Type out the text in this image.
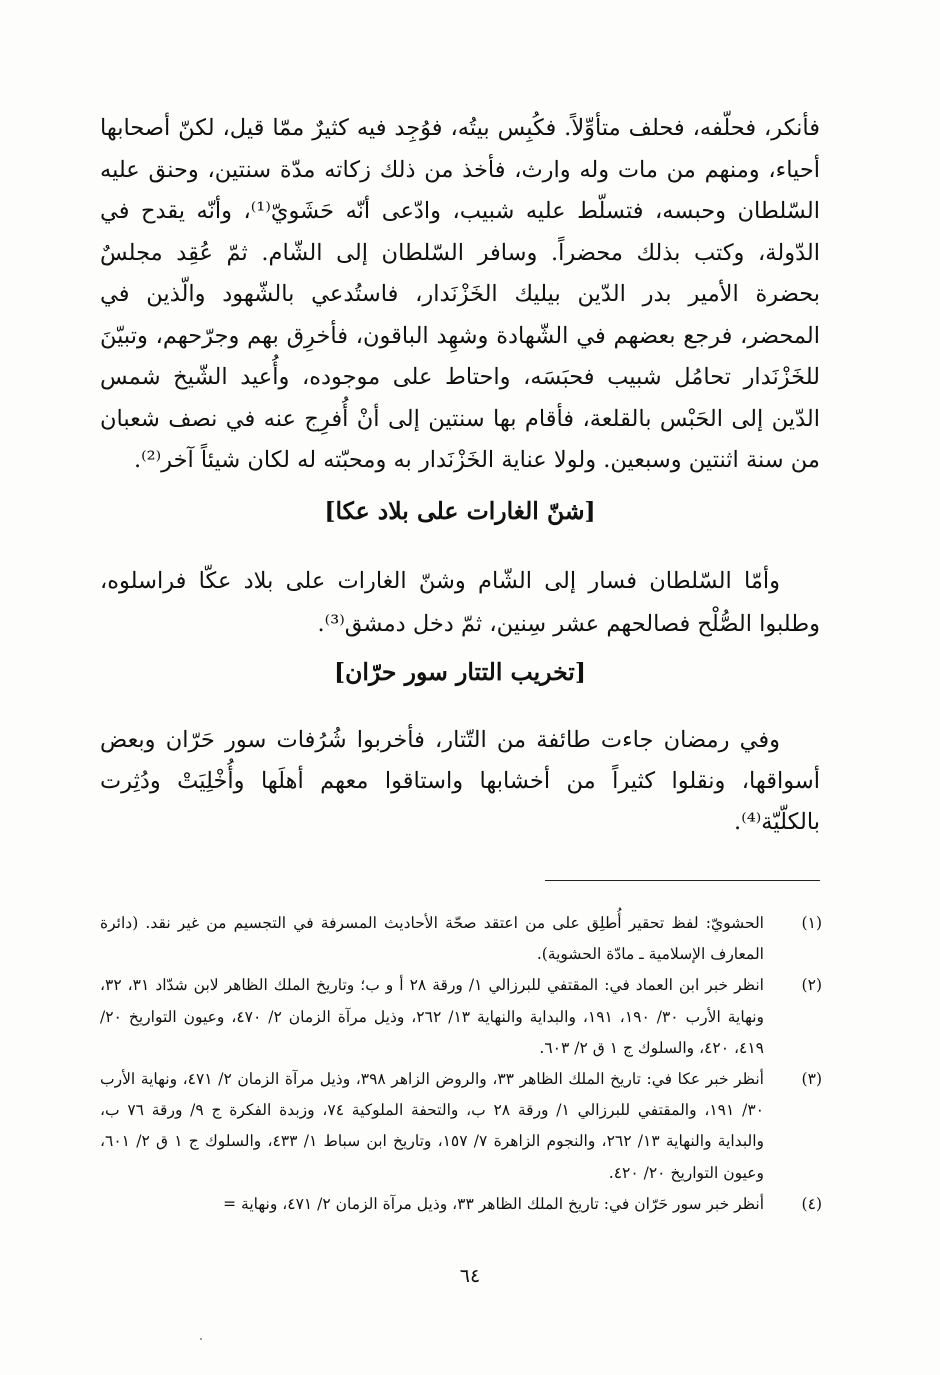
فأنكر، فحلّفه، فحلف متأوِّلاً. فكُبِس بيتُه، فوُجِد فيه كثيرٌ ممّا قيل، لكنّ أصحابها أحياء، ومنهم من مات وله وارث، فأخذ من ذلك زكاته مدّة سنتين، وحنق عليه السّلطان وحبسه، فتسلّط عليه شبيب، وادّعى أنّه حَشَويّ⁽¹⁾، وأنّه يقدح في الدّولة، وكتب بذلك محضراً. وسافر السّلطان إلى الشّام. ثمّ عُقِد مجلسٌ بحضرة الأمير بدر الدّين بيليك الخَزْنَدار، فاستُدعي بالشّهود والّذين في المحضر، فرجع بعضهم في الشّهادة وشهِد الباقون، فأخرِق بهم وجرّحهم، وتبيّنَ للخَزْنَدار تحامُل شبيب فحبَسَه، واحتاط على موجوده، وأُعيد الشّيخ شمس الدّين إلى الحَبْس بالقلعة، فأقام بها سنتين إلى أنْ أُفرِج عنه في نصف شعبان من سنة اثنتين وسبعين. ولولا عناية الخَزْنَدار به ومحبّته له لكان شيئاً آخر⁽²⁾.

[شنّ الغارات على بلاد عكا]
وأمّا السّلطان فسار إلى الشّام وشنّ الغارات على بلاد عكّا فراسلوه، وطلبوا الصُّلْح فصالحهم عشر سِنين، ثمّ دخل دمشق⁽³⁾.
[تخريب التتار سور حرّان]
وفي رمضان جاءت طائفة من التّتار، فأخربوا شُرُفات سور حَرّان وبعض أسواقها، ونقلوا كثيراً من أخشابها واستاقوا معهم أهلَها وأُخْلِيَتْ ودُثِرت بالكلّيّة⁽⁴⁾.
(١)
الحشويّ: لفظ تحقير أُطلِق على من اعتقد صحّة الأحاديث المسرفة في التجسيم من غير نقد. (دائرة المعارف الإسلامية ـ مادّة الحشوية).
(٢)
انظر خبر ابن العماد في: المقتفي للبرزالي ١/ ورقة ٢٨ أ و ب؛ وتاريخ الملك الظاهر لابن شدّاد ٣١، ٣٢، ونهاية الأرب ٣٠/ ١٩٠، ١٩١، والبداية والنهاية ١٣/ ٢٦٢، وذيل مرآة الزمان ٢/ ٤٧٠، وعيون التواريخ ٢٠/ ٤١٩، ٤٢٠، والسلوك ج ١ ق ٢/ ٦٠٣.
(٣)
أنظر خبر عكا في: تاريخ الملك الظاهر ٣٣، والروض الزاهر ٣٩٨، وذيل مرآة الزمان ٢/ ٤٧١، ونهاية الأرب ٣٠/ ١٩١، والمقتفي للبرزالي ١/ ورقة ٢٨ ب، والتحفة الملوكية ٧٤، وزبدة الفكرة ج ٩/ ورقة ٧٦ ب، والبداية والنهاية ١٣/ ٢٦٢، والنجوم الزاهرة ٧/ ١٥٧، وتاريخ ابن سباط ١/ ٤٣٣، والسلوك ج ١ ق ٢/ ٦٠١، وعيون التواريخ ٢٠/ ٤٢٠.
(٤)
أنظر خبر سور حَرّان في: تاريخ الملك الظاهر ٣٣، وذيل مرآة الزمان ٢/ ٤٧١، ونهاية =
٦٤
